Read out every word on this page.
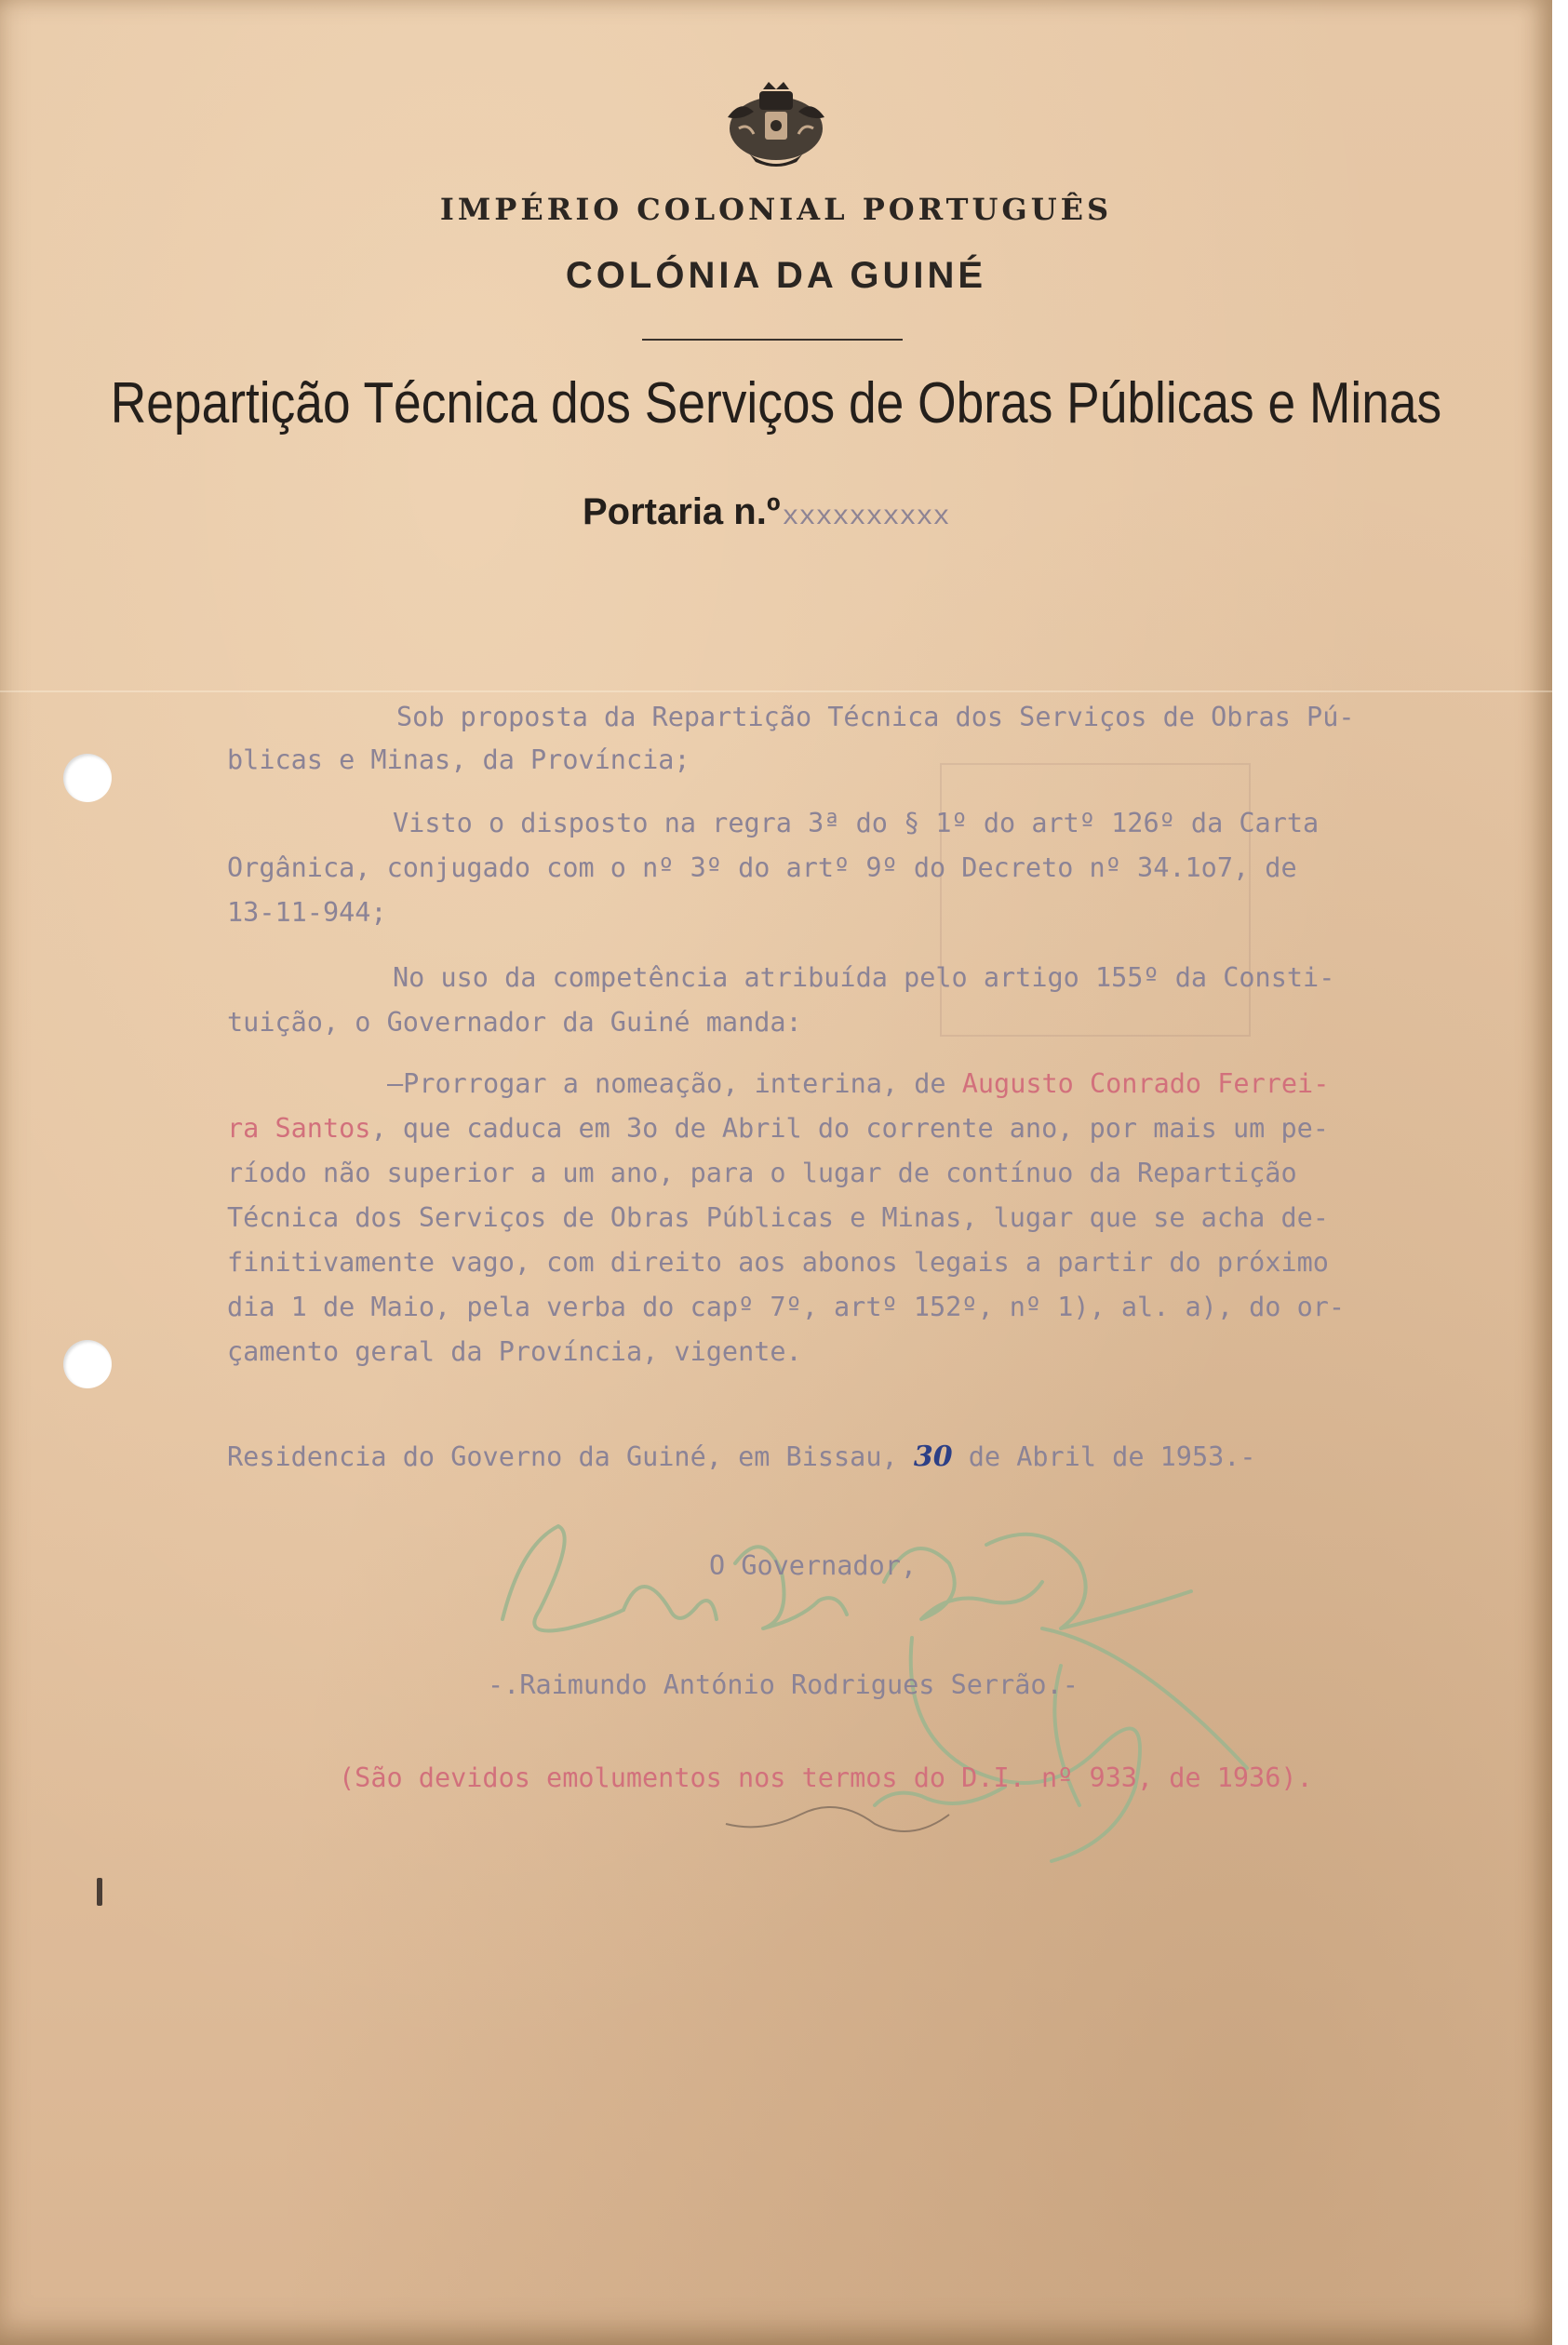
IMPÉRIO COLONIAL PORTUGUÊS
COLÓNIA DA GUINÉ
Repartição Técnica dos Serviços de Obras Públicas e Minas
Portaria n.ºxxxxxxxxxx
Sob proposta da Repartição Técnica dos Serviços de Obras Pú-
blicas e Minas, da Província;
Visto o disposto na regra 3ª do § 1º do artº 126º da Carta
Orgânica, conjugado com o nº 3º do artº 9º do Decreto nº 34.1o7, de
13-11-944;
No uso da competência atribuída pelo artigo 155º da Consti-
tuição, o Governador da Guiné manda:
—Prorrogar a nomeação, interina, de Augusto Conrado Ferrei-
ra Santos, que caduca em 3o de Abril do corrente ano, por mais um pe-
ríodo não superior a um ano, para o lugar de contínuo da Repartição
Técnica dos Serviços de Obras Públicas e Minas, lugar que se acha de-
finitivamente vago, com direito aos abonos legais a partir do próximo
dia 1 de Maio, pela verba do capº 7º, artº 152º, nº 1), al. a), do or-
çamento geral da Província, vigente.
Residencia do Governo da Guiné, em Bissau, 30 de Abril de 1953.-
O Governador,
-.Raimundo António Rodrigues Serrão.-
(São devidos emolumentos nos termos do D.I. nº 933, de 1936).
